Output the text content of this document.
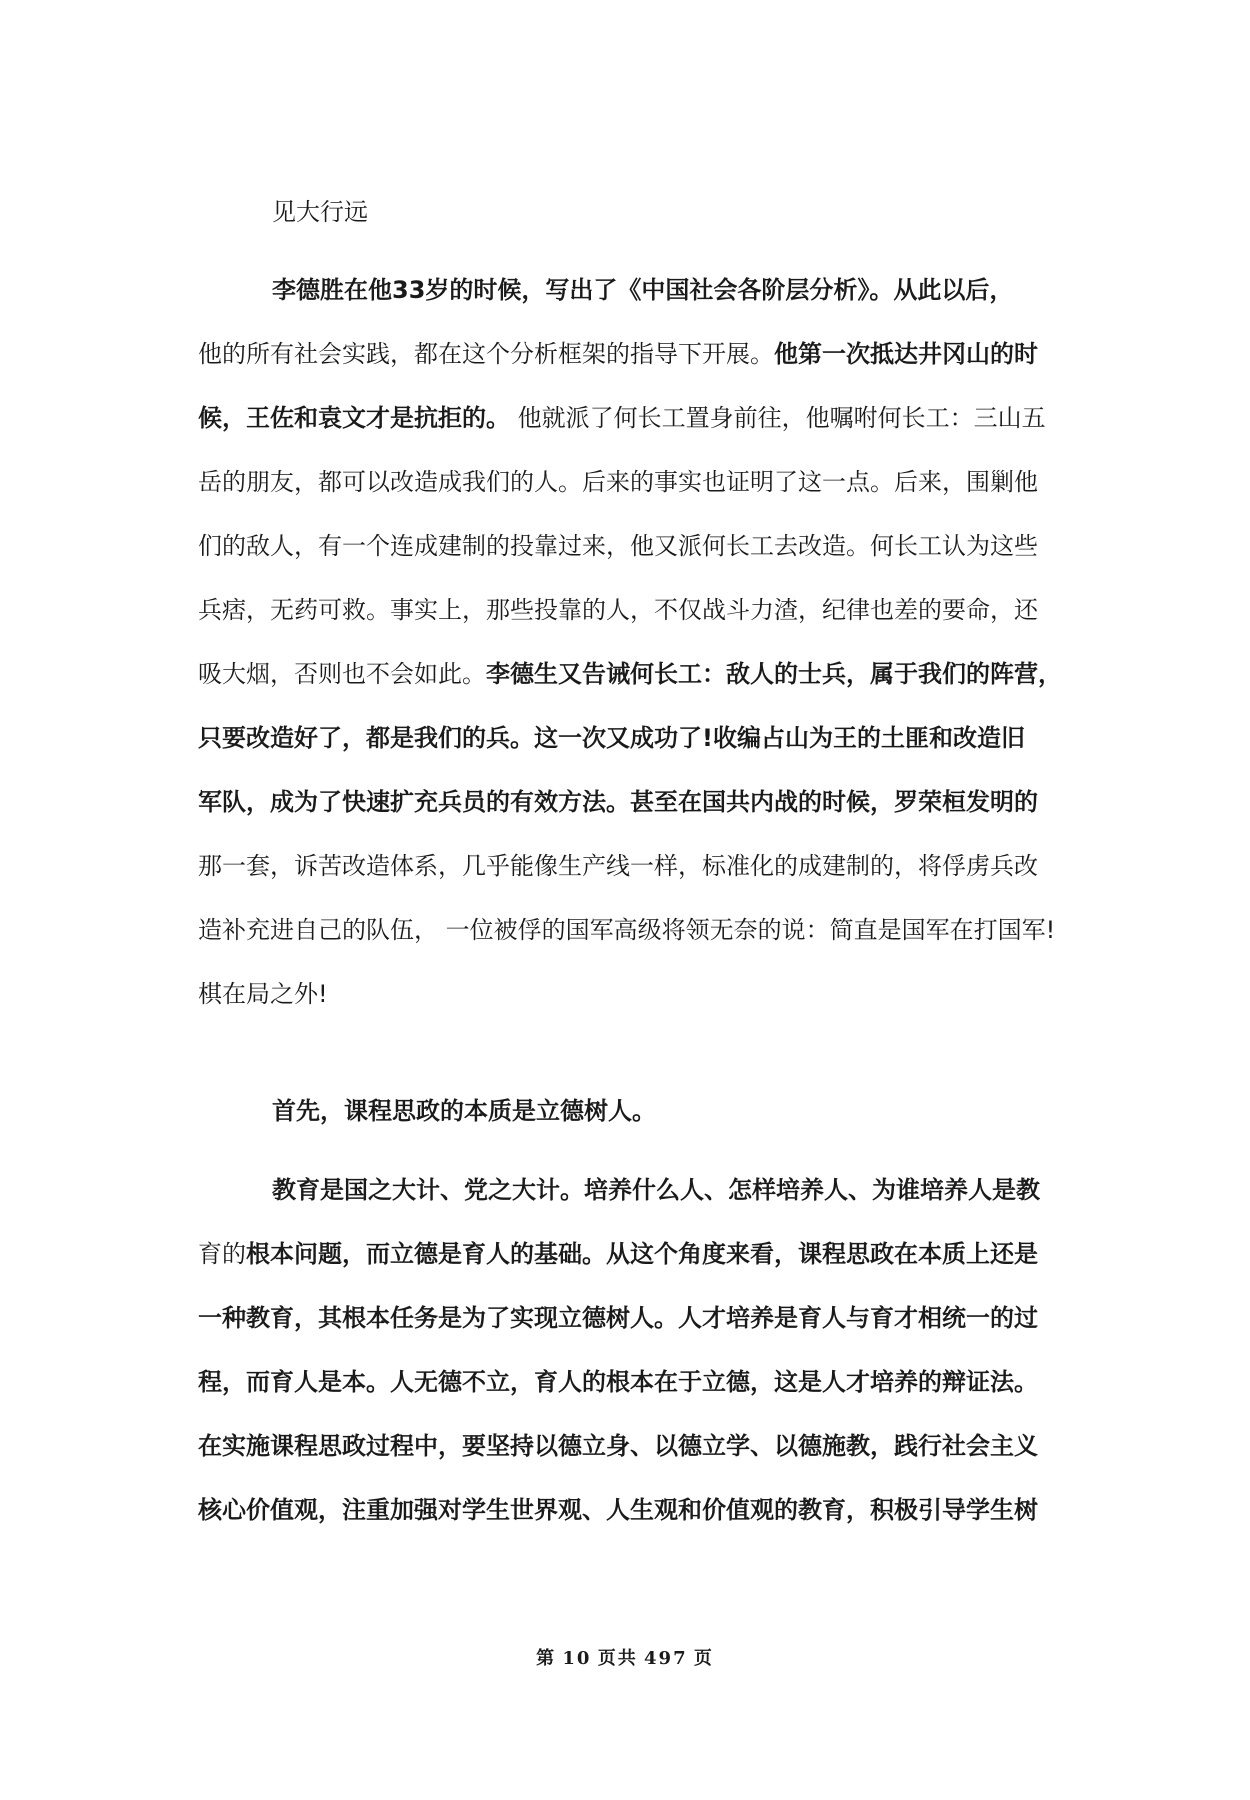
见大行远
李德胜在他33岁的时候，写出了《中国社会各阶层分析》。从此以后，
他的所有社会实践，都在这个分析框架的指导下开展。他第一次抵达井冈山的时
候，王佐和袁文才是抗拒的。 他就派了何长工置身前往，他嘱咐何长工：三山五
岳的朋友，都可以改造成我们的人。后来的事实也证明了这一点。后来，围剿他
们的敌人，有一个连成建制的投靠过来，他又派何长工去改造。何长工认为这些
兵痞，无药可救。事实上，那些投靠的人，不仅战斗力渣，纪律也差的要命，还
吸大烟，否则也不会如此。李德生又告诫何长工：敌人的士兵，属于我们的阵营，
只要改造好了，都是我们的兵。这一次又成功了!收编占山为王的土匪和改造旧
军队，成为了快速扩充兵员的有效方法。甚至在国共内战的时候，罗荣桓发明的
那一套，诉苦改造体系，几乎能像生产线一样，标准化的成建制的，将俘虏兵改
造补充进自己的队伍， 一位被俘的国军高级将领无奈的说：简直是国军在打国军!
棋在局之外!
首先，课程思政的本质是立德树人。
教育是国之大计、党之大计。培养什么人、怎样培养人、为谁培养人是教
育的根本问题，而立德是育人的基础。从这个角度来看，课程思政在本质上还是
一种教育，其根本任务是为了实现立德树人。人才培养是育人与育才相统一的过
程，而育人是本。人无德不立，育人的根本在于立德，这是人才培养的辩证法。
在实施课程思政过程中，要坚持以德立身、以德立学、以德施教，践行社会主义
核心价值观，注重加强对学生世界观、人生观和价值观的教育，积极引导学生树
第 10 页共 497 页
